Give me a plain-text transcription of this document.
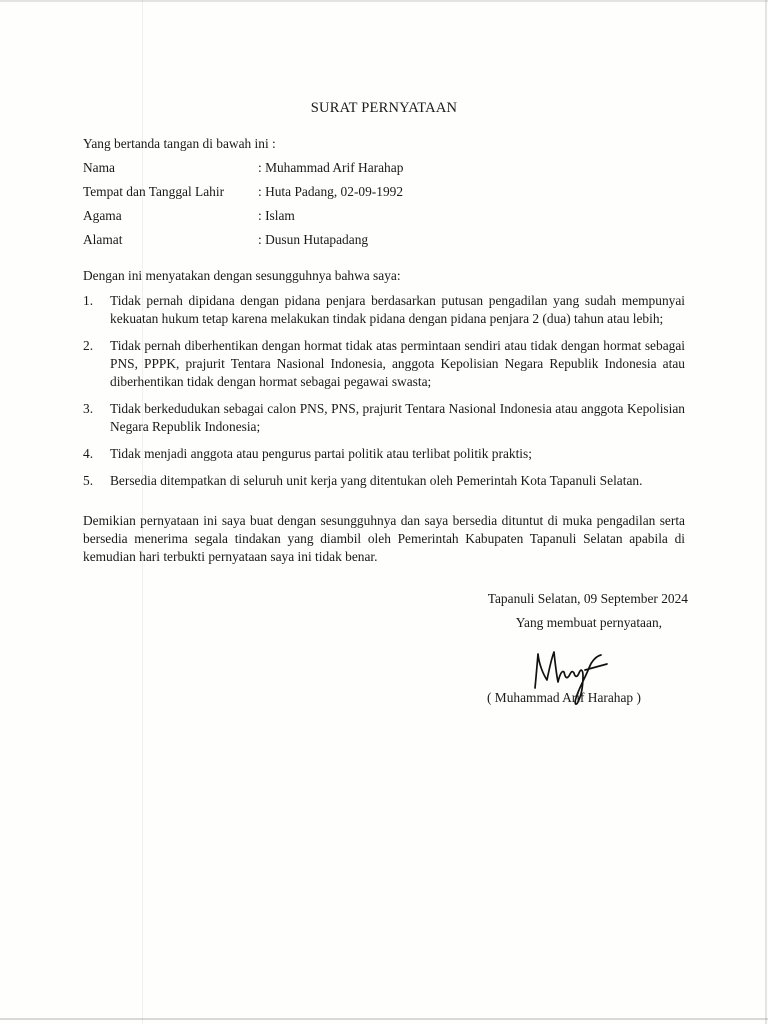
SURAT PERNYATAAN
Yang bertanda tangan di bawah ini :
Nama	: Muhammad Arif Harahap
Tempat dan Tanggal Lahir	: Huta Padang, 02-09-1992
Agama	: Islam
Alamat	: Dusun Hutapadang
Dengan ini menyatakan dengan sesungguhnya bahwa saya:
1.	Tidak pernah dipidana dengan pidana penjara berdasarkan putusan pengadilan yang sudah mempunyai kekuatan hukum tetap karena melakukan tindak pidana dengan pidana penjara 2 (dua) tahun atau lebih;
2.	Tidak pernah diberhentikan dengan hormat tidak atas permintaan sendiri atau tidak dengan hormat sebagai PNS, PPPK, prajurit Tentara Nasional Indonesia, anggota Kepolisian Negara Republik Indonesia atau diberhentikan tidak dengan hormat sebagai pegawai swasta;
3.	Tidak berkedudukan sebagai calon PNS, PNS, prajurit Tentara Nasional Indonesia atau anggota Kepolisian Negara Republik Indonesia;
4.	Tidak menjadi anggota atau pengurus partai politik atau terlibat politik praktis;
5.	Bersedia ditempatkan di seluruh unit kerja yang ditentukan oleh Pemerintah Kota Tapanuli Selatan.
Demikian pernyataan ini saya buat dengan sesungguhnya dan saya bersedia dituntut di muka pengadilan serta bersedia menerima segala tindakan yang diambil oleh Pemerintah Kabupaten Tapanuli Selatan apabila di kemudian hari terbukti pernyataan saya ini tidak benar.
Tapanuli Selatan, 09 September 2024
Yang membuat pernyataan,
( Muhammad Arif Harahap )
